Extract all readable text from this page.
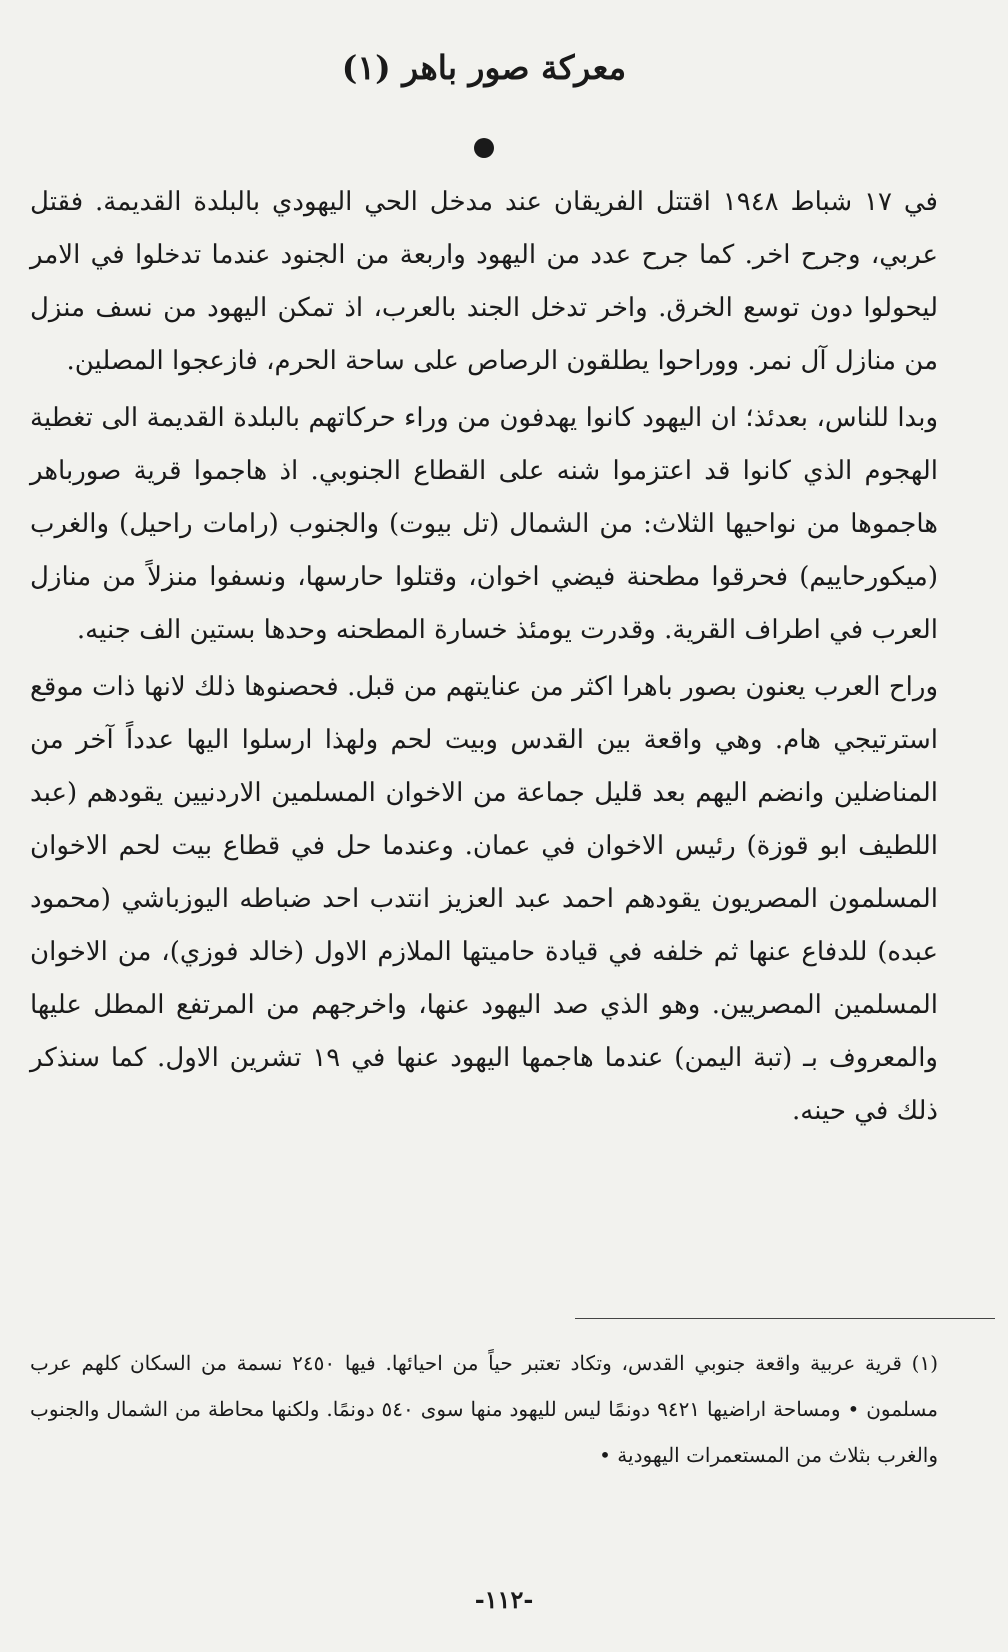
معركة صور باهر (١)

في ١٧ شباط ١٩٤٨ اقتتل الفريقان عند مدخل الحي اليهودي بالبلدة القديمة. فقتل عربي، وجرح اخر. كما جرح عدد من اليهود واربعة من الجنود عندما تدخلوا في الامر ليحولوا دون توسع الخرق. واخر تدخل الجند بالعرب، اذ تمكن اليهود من نسف منزل من منازل آل نمر. ووراحوا يطلقون الرصاص على ساحة الحرم، فازعجوا المصلين.

وبدا للناس، بعدئذ؛ ان اليهود كانوا يهدفون من وراء حركاتهم بالبلدة القديمة الى تغطية الهجوم الذي كانوا قد اعتزموا شنه على القطاع الجنوبي. اذ هاجموا قرية صورباهر هاجموها من نواحيها الثلاث: من الشمال (تل بيوت) والجنوب (رامات راحيل) والغرب (ميكورحاييم) فحرقوا مطحنة فيضي اخوان، وقتلوا حارسها، ونسفوا منزلاً من منازل العرب في اطراف القرية. وقدرت يومئذ خسارة المطحنه وحدها بستين الف جنيه.

وراح العرب يعنون بصور باهرا اكثر من عنايتهم من قبل. فحصنوها ذلك لانها ذات موقع استرتيجي هام. وهي واقعة بين القدس وبيت لحم ولهذا ارسلوا اليها عدداً آخر من المناضلين وانضم اليهم بعد قليل جماعة من الاخوان المسلمين الاردنيين يقودهم (عبد اللطيف ابو قوزة) رئيس الاخوان في عمان. وعندما حل في قطاع بيت لحم الاخوان المسلمون المصريون يقودهم احمد عبد العزيز انتدب احد ضباطه اليوزباشي (محمود عبده) للدفاع عنها ثم خلفه في قيادة حاميتها الملازم الاول (خالد فوزي)، من الاخوان المسلمين المصريين. وهو الذي صد اليهود عنها، واخرجهم من المرتفع المطل عليها والمعروف بـ (تبة اليمن) عندما هاجمها اليهود عنها في ١٩ تشرين الاول. كما سنذكر ذلك في حينه.

(١) قرية عربية واقعة جنوبي القدس، وتكاد تعتبر حياً من احيائها. فيها ٢٤٥٠ نسمة من السكان كلهم عرب مسلمون • ومساحة اراضيها ٩٤٢١ دونمًا ليس لليهود منها سوى ٥٤٠ دونمًا. ولكنها محاطة من الشمال والجنوب والغرب بثلاث من المستعمرات اليهودية •

-١١٢-
